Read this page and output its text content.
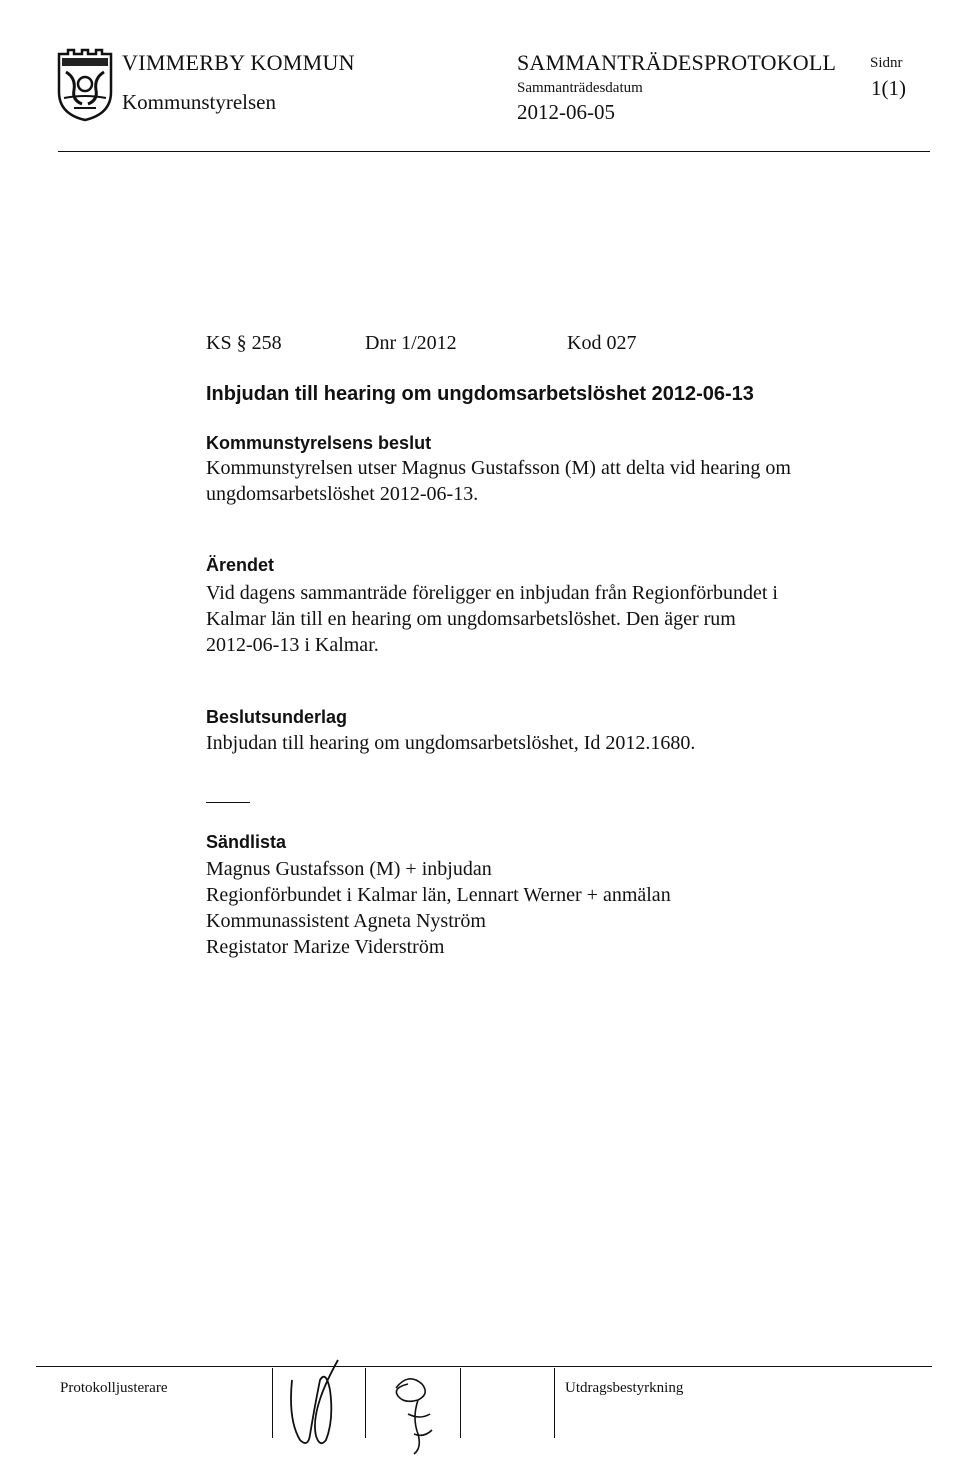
VIMMERBY KOMMUN
Kommunstyrelsen
SAMMANTRÄDESPROTOKOLL
Sammanträdesdatum
2012-06-05
Sidnr
1(1)
KS § 258	Dnr 1/2012	Kod 027
Inbjudan till hearing om ungdomsarbetslöshet 2012-06-13
Kommunstyrelsens beslut
Kommunstyrelsen utser Magnus Gustafsson (M) att delta vid hearing om
ungdomsarbetslöshet 2012-06-13.
Ärendet
Vid dagens sammanträde föreligger en inbjudan från Regionförbundet i
Kalmar län till en hearing om ungdomsarbetslöshet. Den äger rum
2012-06-13 i Kalmar.
Beslutsunderlag
Inbjudan till hearing om ungdomsarbetslöshet, Id 2012.1680.
Sändlista
Magnus Gustafsson (M) + inbjudan
Regionförbundet i Kalmar län, Lennart Werner + anmälan
Kommunassistent Agneta Nyström
Registator Marize Viderström
Protokolljusterare	Utdragsbestyrkning
